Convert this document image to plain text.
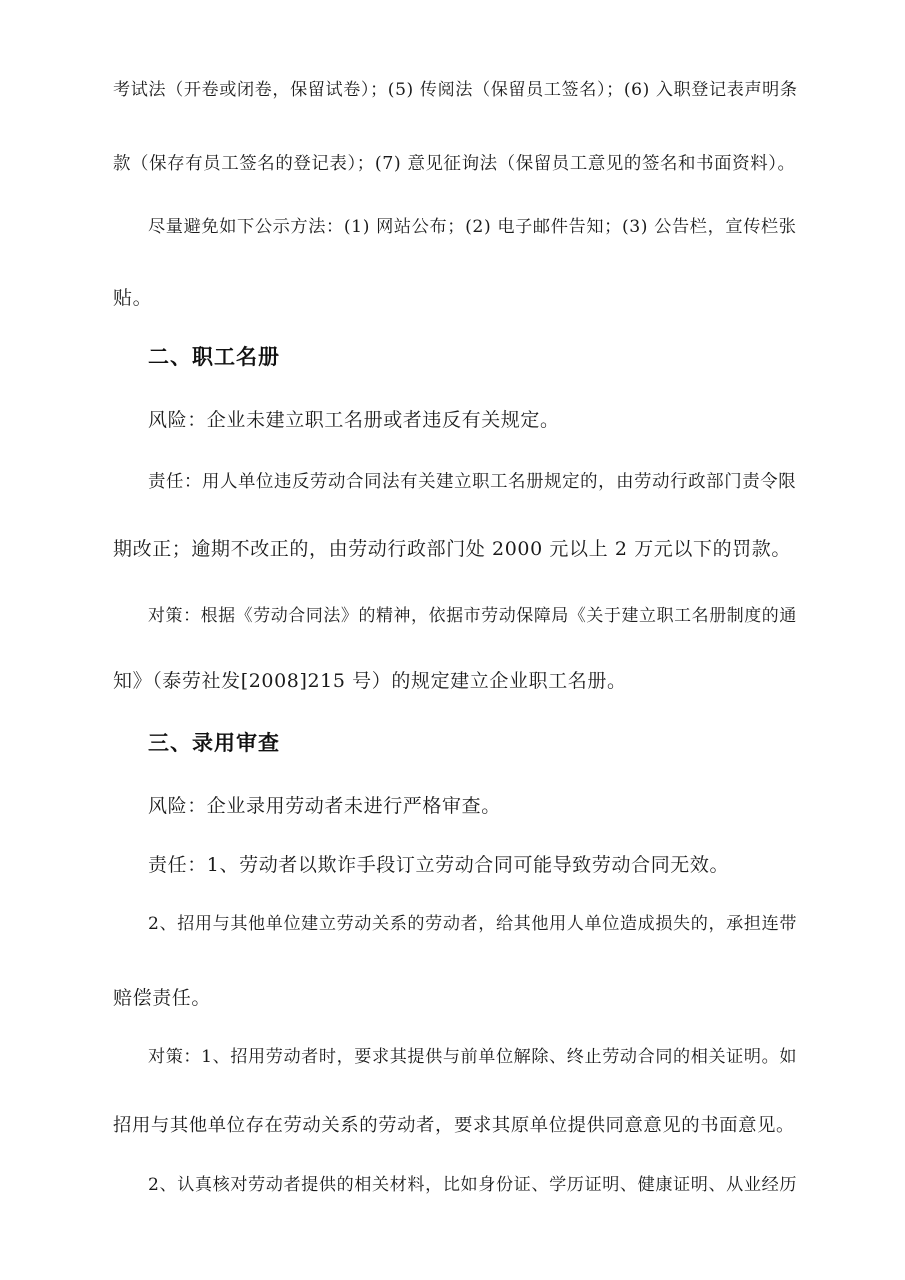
考试法（开卷或闭卷，保留试卷）；(5) 传阅法（保留员工签名）；(6) 入职登记表声明条
款（保存有员工签名的登记表）；(7) 意见征询法（保留员工意见的签名和书面资料）。
尽量避免如下公示方法：(1) 网站公布；(2) 电子邮件告知；(3) 公告栏，宣传栏张
贴。
二、职工名册
风险：企业未建立职工名册或者违反有关规定。
责任：用人单位违反劳动合同法有关建立职工名册规定的，由劳动行政部门责令限
期改正；逾期不改正的，由劳动行政部门处 2000 元以上 2 万元以下的罚款。
对策：根据《劳动合同法》的精神，依据市劳动保障局《关于建立职工名册制度的通
知》（泰劳社发[2008]215 号）的规定建立企业职工名册。
三、录用审查
风险：企业录用劳动者未进行严格审查。
责任：1、劳动者以欺诈手段订立劳动合同可能导致劳动合同无效。
2、招用与其他单位建立劳动关系的劳动者，给其他用人单位造成损失的，承担连带
赔偿责任。
对策：1、招用劳动者时，要求其提供与前单位解除、终止劳动合同的相关证明。如
招用与其他单位存在劳动关系的劳动者，要求其原单位提供同意意见的书面意见。
2、认真核对劳动者提供的相关材料，比如身份证、学历证明、健康证明、从业经历
